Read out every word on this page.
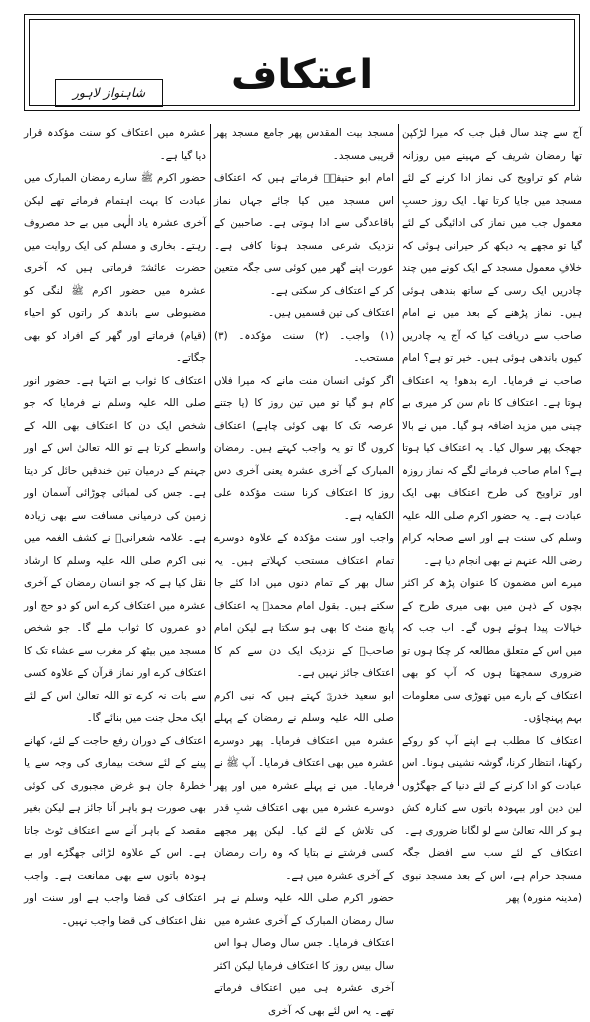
اعتکاف
شاہنواز لاہور

آج سے چند سال قبل جب کہ میرا لڑکپن تھا رمضان شریف کے مہینے میں روزانہ شام کو تراویح کی نماز ادا کرنے کے لئے مسجد میں جایا کرتا تھا۔ ایک روز حسبِ معمول جب میں نماز کی ادائیگی کے لئے گیا تو مجھے یہ دیکھ کر حیرانی ہوئی کہ خلافِ معمول مسجد کے ایک کونے میں چند چادریں ایک رسی کے ساتھ بندھی ہوئی ہیں۔ نماز پڑھنے کے بعد میں نے امام صاحب سے دریافت کیا کہ آج یہ چادریں کیوں باندھی ہوئی ہیں۔ خیر تو ہے؟ امام صاحب نے فرمایا۔ ارے بدھو! یہ اعتکاف ہوتا ہے۔ اعتکاف کا نام سن کر میری بے چینی میں مزید اضافہ ہو گیا۔ میں نے بالا جھجک پھر سوال کیا۔ یہ اعتکاف کیا ہوتا ہے؟ امام صاحب فرمانے لگے کہ نماز روزہ اور تراویح کی طرح اعتکاف بھی ایک عبادت ہے۔ یہ حضور اکرم صلی اللہ علیہ وسلم کی سنت ہے اور اسے صحابہ کرام رضی اللہ عنہم نے بھی انجام دیا ہے۔

میرے اس مضمون کا عنوان پڑھ کر اکثر بچوں کے ذہن میں بھی میری طرح کے خیالات پیدا ہوئے ہوں گے۔ اب جب کہ میں اس کے متعلق مطالعہ کر چکا ہوں تو ضروری سمجھتا ہوں کہ آپ کو بھی اعتکاف کے بارے میں تھوڑی سی معلومات بہم پہنچاؤں۔

اعتکاف کا مطلب ہے اپنے آپ کو روکے رکھنا، انتظار کرنا، گوشہ نشینی ہونا۔ اس عبادت کو ادا کرنے کے لئے دنیا کے جھگڑوں لین دین اور بیہودہ باتوں سے کنارہ کش ہو کر اللہ تعالیٰ سے لو لگانا ضروری ہے۔

اعتکاف کے لئے سب سے افضل جگہ مسجد حرام ہے، اس کے بعد مسجد نبوی (مدینہ منورہ) پھر

مسجد بیت المقدس پھر جامع مسجد پھر قریبی مسجد۔

امام ابو حنیفہؒ فرماتے ہیں کہ اعتکاف اس مسجد میں کیا جائے جہاں نماز باقاعدگی سے ادا ہوتی ہے۔ صاحبین کے نزدیک شرعی مسجد ہونا کافی ہے۔ عورت اپنے گھر میں کوئی سی جگہ متعین کر کے اعتکاف کر سکتی ہے۔

اعتکاف کی تین قسمیں ہیں۔

(۱) واجب۔ (۲) سنت مؤکدہ۔ (۳) مستحب۔

اگر کوئی انسان منت مانے کہ میرا فلاں کام ہو گیا تو میں تین روز کا (یا جتنے عرصہ تک کا بھی کوئی چاہے) اعتکاف کروں گا تو یہ واجب کہتے ہیں۔ رمضان المبارک کے آخری عشرہ یعنی آخری دس روز کا اعتکاف کرنا سنت مؤکدہ علی الکفایہ ہے۔

واجب اور سنت مؤکدہ کے علاوہ دوسرے تمام اعتکاف مستحب کہلاتے ہیں۔ یہ سال بھر کے تمام دنوں میں ادا کئے جا سکتے ہیں۔ بقول امام محمدؒ یہ اعتکاف پانچ منٹ کا بھی ہو سکتا ہے لیکن امام صاحبؒ کے نزدیک ایک دن سے کم کا اعتکاف جائز نہیں ہے۔

ابو سعید خدریؓ کہتے ہیں کہ نبی اکرم صلی اللہ علیہ وسلم نے رمضان کے پہلے عشرہ میں اعتکاف فرمایا۔ پھر دوسرے عشرہ میں بھی اعتکاف فرمایا۔ آپ ﷺ نے فرمایا۔ میں نے پہلے عشرہ میں اور پھر دوسرے عشرہ میں بھی اعتکاف شبِ قدر کی تلاش کے لئے کیا۔ لیکن پھر مجھے کسی فرشتے نے بتایا کہ وہ رات رمضان کے آخری عشرہ میں ہے۔

حضور اکرم صلی اللہ علیہ وسلم نے ہر سال رمضان المبارک کے آخری عشرہ میں اعتکاف فرمایا۔ جس سال وصال ہوا اس سال بیس روز کا اعتکاف فرمایا لیکن اکثر آخری عشرہ ہی میں اعتکاف فرماتے تھے۔ یہ اس لئے بھی کہ آخری

عشرہ میں اعتکاف کو سنت مؤکدہ قرار دیا گیا ہے۔

حضور اکرم ﷺ سارے رمضان المبارک میں عبادت کا بہت اہتمام فرماتے تھے لیکن آخری عشرہ یاد الٰہی میں بے حد مصروف رہتے۔ بخاری و مسلم کی ایک روایت میں حضرت عائشہؓ فرماتی ہیں کہ آخری عشرہ میں حضور اکرم ﷺ لنگی کو مضبوطی سے باندھ کر راتوں کو احیاء (قیام) فرماتے اور گھر کے افراد کو بھی جگاتے۔

اعتکاف کا ثواب بے انتہا ہے۔ حضور انور صلی اللہ علیہ وسلم نے فرمایا کہ جو شخص ایک دن کا اعتکاف بھی اللہ کے واسطے کرتا ہے تو اللہ تعالیٰ اس کے اور جہنم کے درمیان تین خندقیں حائل کر دیتا ہے۔ جس کی لمبائی چوڑائی آسمان اور زمین کی درمیانی مسافت سے بھی زیادہ ہے۔ علامہ شعرانیؒ نے کشف الغمہ میں نبی اکرم صلی اللہ علیہ وسلم کا ارشاد نقل کیا ہے کہ جو انسان رمضان کے آخری عشرہ میں اعتکاف کرے اس کو دو حج اور دو عمروں کا ثواب ملے گا۔ جو شخص مسجد میں بیٹھ کر مغرب سے عشاء تک کا اعتکاف کرے اور نماز قرآن کے علاوہ کسی سے بات نہ کرے تو اللہ تعالیٰ اس کے لئے ایک محل جنت میں بنائے گا۔

اعتکاف کے دوران رفع حاجت کے لئے، کھانے پینے کے لئے سخت بیماری کی وجہ سے یا خطرۂ جان ہو غرض مجبوری کی کوئی بھی صورت ہو باہر آنا جائز ہے لیکن بغیر مقصد کے باہر آنے سے اعتکاف ٹوٹ جاتا ہے۔ اس کے علاوہ لڑائی جھگڑے اور بے ہودہ باتوں سے بھی ممانعت ہے۔ واجب اعتکاف کی قضا واجب ہے اور سنت اور نفل اعتکاف کی قضا واجب نہیں۔
